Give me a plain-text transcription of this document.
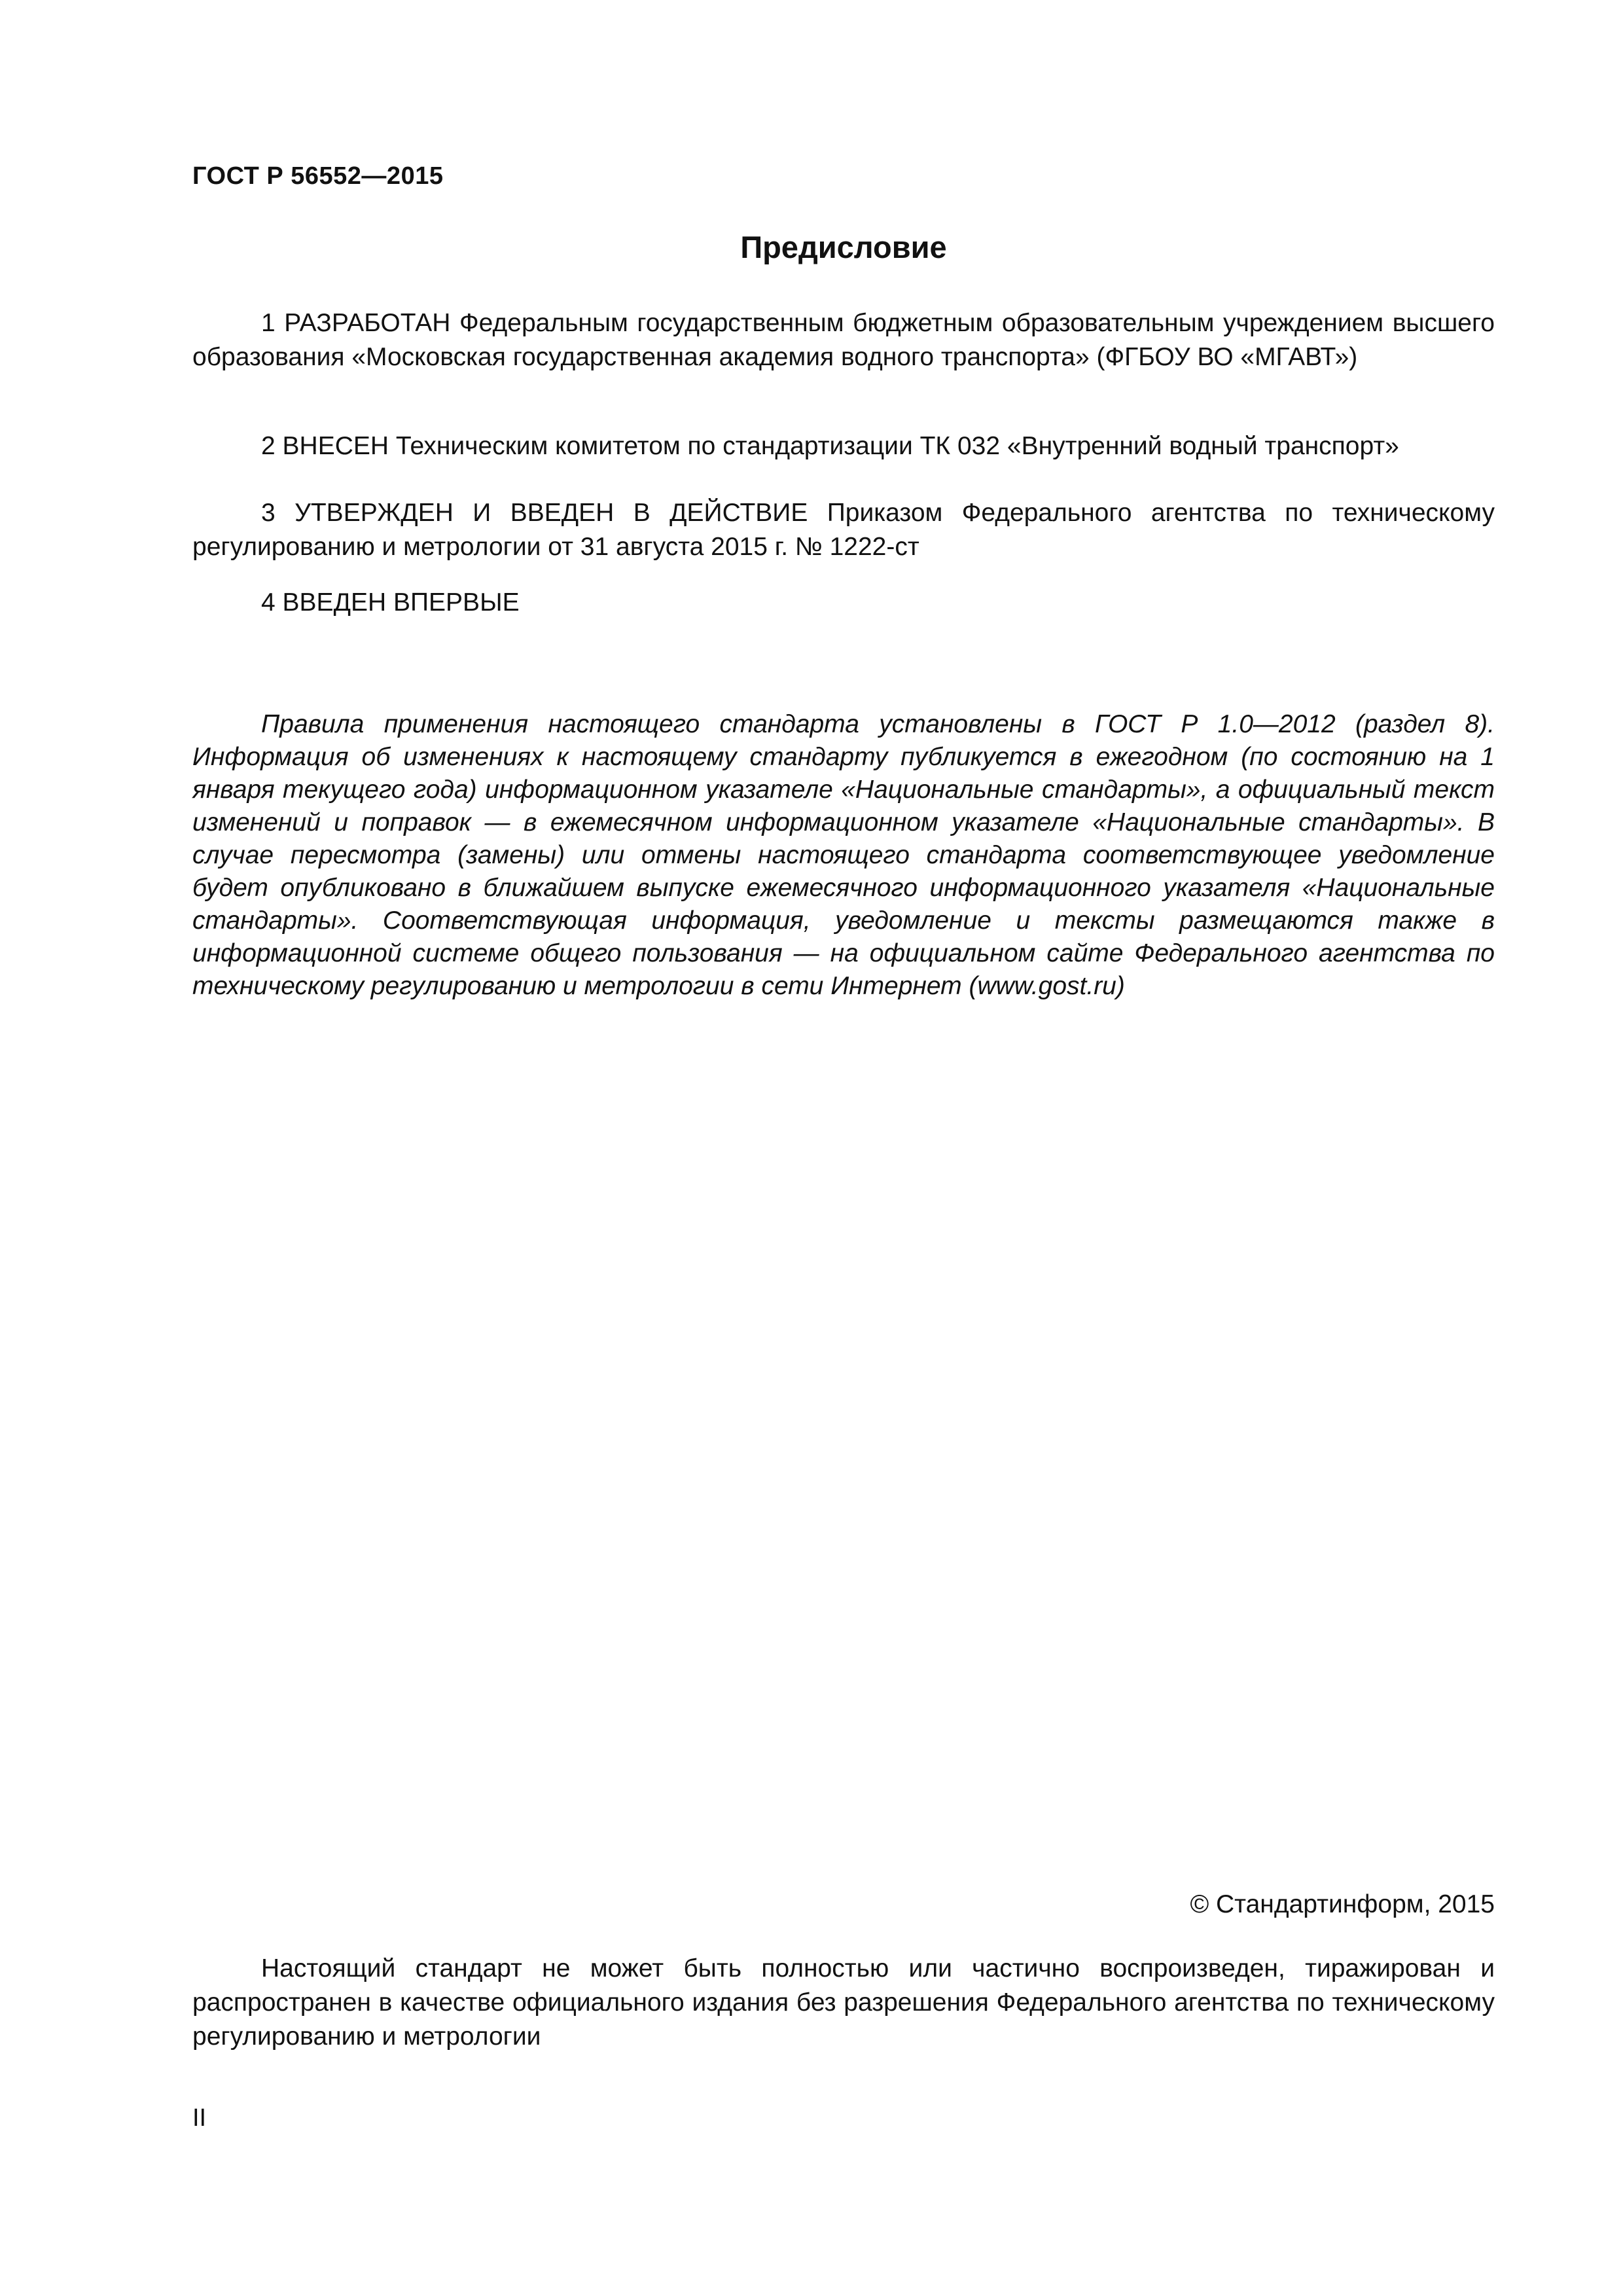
ГОСТ Р 56552—2015
Предисловие

1 РАЗРАБОТАН Федеральным государственным бюджетным образовательным учреждением высшего образования «Московская государственная академия водного транспорта» (ФГБОУ ВО «МГАВТ»)

2 ВНЕСЕН Техническим комитетом по стандартизации ТК 032 «Внутренний водный транспорт»

3 УТВЕРЖДЕН И ВВЕДЕН В ДЕЙСТВИЕ Приказом Федерального агентства по техническому регулированию и метрологии от 31 августа 2015 г. № 1222-ст

4 ВВЕДЕН ВПЕРВЫЕ

Правила применения настоящего стандарта установлены в ГОСТ Р 1.0—2012 (раздел 8). Информация об изменениях к настоящему стандарту публикуется в ежегодном (по состоянию на 1 января текущего года) информационном указателе «Национальные стандарты», а официальный текст изменений и поправок — в ежемесячном информационном указателе «Национальные стандарты». В случае пересмотра (замены) или отмены настоящего стандарта соответствующее уведомление будет опубликовано в ближайшем выпуске ежемесячного информационного указателя «Национальные стандарты». Соответствующая информация, уведомление и тексты размещаются также в информационной системе общего пользования — на официальном сайте Федерального агентства по техническому регулированию и метрологии в сети Интернет (www.gost.ru)

© Стандартинформ, 2015

Настоящий стандарт не может быть полностью или частично воспроизведен, тиражирован и распространен в качестве официального издания без разрешения Федерального агентства по техническому регулированию и метрологии

II
